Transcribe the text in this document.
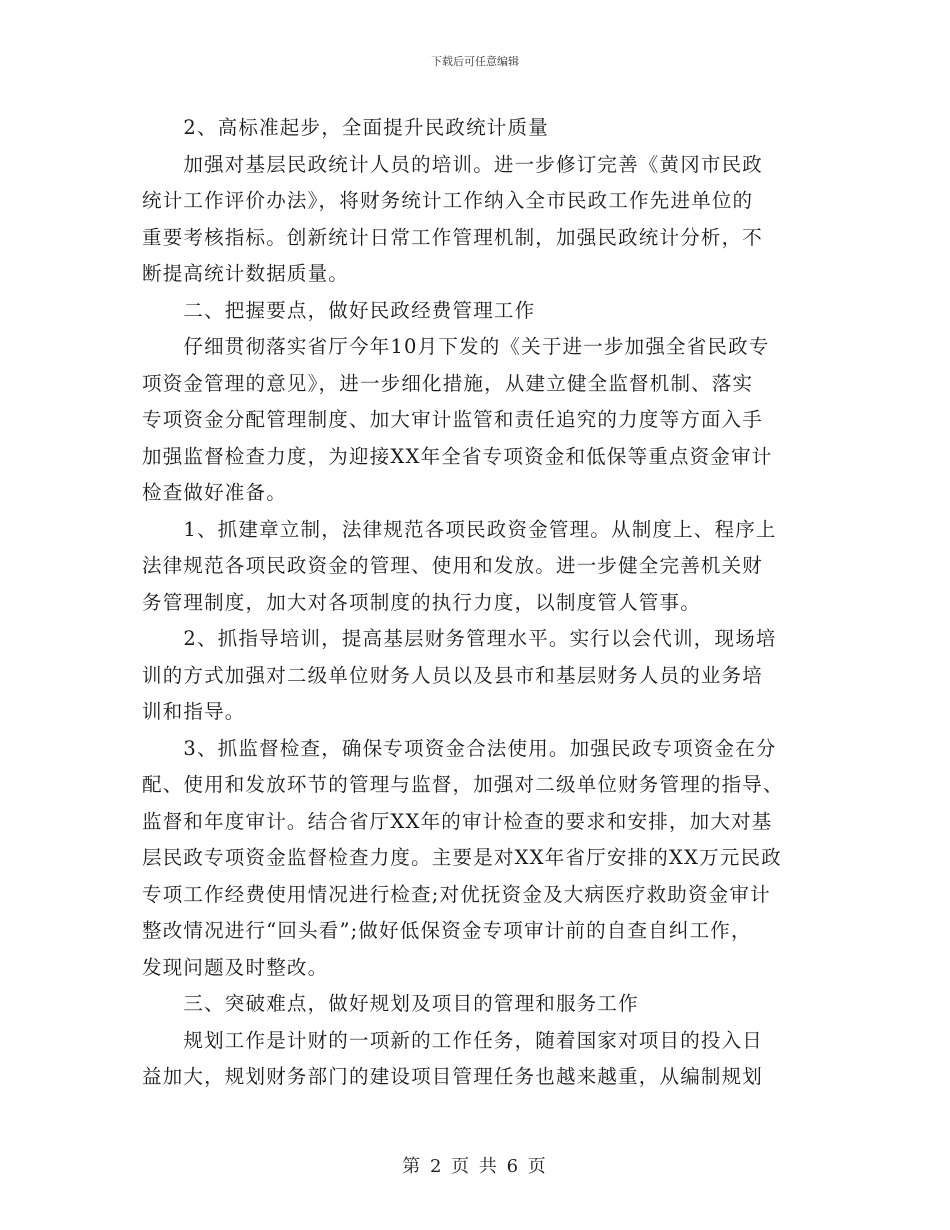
下载后可任意编辑
　　2、高标准起步，全面提升民政统计质量
　　加强对基层民政统计人员的培训。进一步修订完善《黄冈市民政
统计工作评价办法》，将财务统计工作纳入全市民政工作先进单位的
重要考核指标。创新统计日常工作管理机制，加强民政统计分析，不
断提高统计数据质量。
　　二、把握要点，做好民政经费管理工作
　　仔细贯彻落实省厅今年10月下发的《关于进一步加强全省民政专
项资金管理的意见》，进一步细化措施，从建立健全监督机制、落实
专项资金分配管理制度、加大审计监管和责任追究的力度等方面入手
加强监督检查力度，为迎接XX年全省专项资金和低保等重点资金审计
检查做好准备。
　　1、抓建章立制，法律规范各项民政资金管理。从制度上、程序上
法律规范各项民政资金的管理、使用和发放。进一步健全完善机关财
务管理制度，加大对各项制度的执行力度，以制度管人管事。
　　2、抓指导培训，提高基层财务管理水平。实行以会代训，现场培
训的方式加强对二级单位财务人员以及县市和基层财务人员的业务培
训和指导。
　　3、抓监督检查，确保专项资金合法使用。加强民政专项资金在分
配、使用和发放环节的管理与监督，加强对二级单位财务管理的指导、
监督和年度审计。结合省厅XX年的审计检查的要求和安排，加大对基
层民政专项资金监督检查力度。主要是对XX年省厅安排的XX万元民政
专项工作经费使用情况进行检查;对优抚资金及大病医疗救助资金审计
整改情况进行“回头看”;做好低保资金专项审计前的自查自纠工作，
发现问题及时整改。
　　三、突破难点，做好规划及项目的管理和服务工作
　　规划工作是计财的一项新的工作任务，随着国家对项目的投入日
益加大，规划财务部门的建设项目管理任务也越来越重，从编制规划
第 2 页 共 6 页
